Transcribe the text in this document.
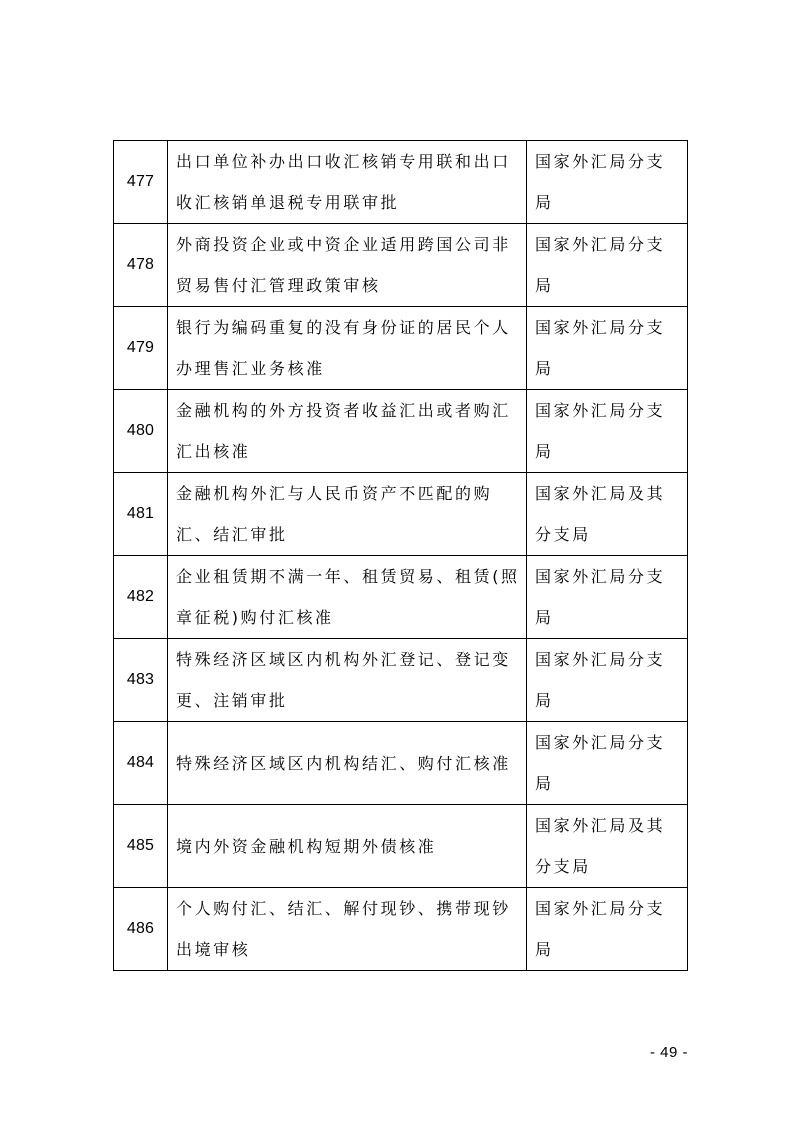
477	出口单位补办出口收汇核销专用联和出口收汇核销单退税专用联审批	国家外汇局分支局
478	外商投资企业或中资企业适用跨国公司非贸易售付汇管理政策审核	国家外汇局分支局
479	银行为编码重复的没有身份证的居民个人办理售汇业务核准	国家外汇局分支局
480	金融机构的外方投资者收益汇出或者购汇汇出核准	国家外汇局分支局
481	金融机构外汇与人民币资产不匹配的购汇、结汇审批	国家外汇局及其分支局
482	企业租赁期不满一年、租赁贸易、租赁(照章征税)购付汇核准	国家外汇局分支局
483	特殊经济区域区内机构外汇登记、登记变更、注销审批	国家外汇局分支局
484	特殊经济区域区内机构结汇、购付汇核准	国家外汇局分支局
485	境内外资金融机构短期外债核准	国家外汇局及其分支局
486	个人购付汇、结汇、解付现钞、携带现钞出境审核	国家外汇局分支局
- 49 -
